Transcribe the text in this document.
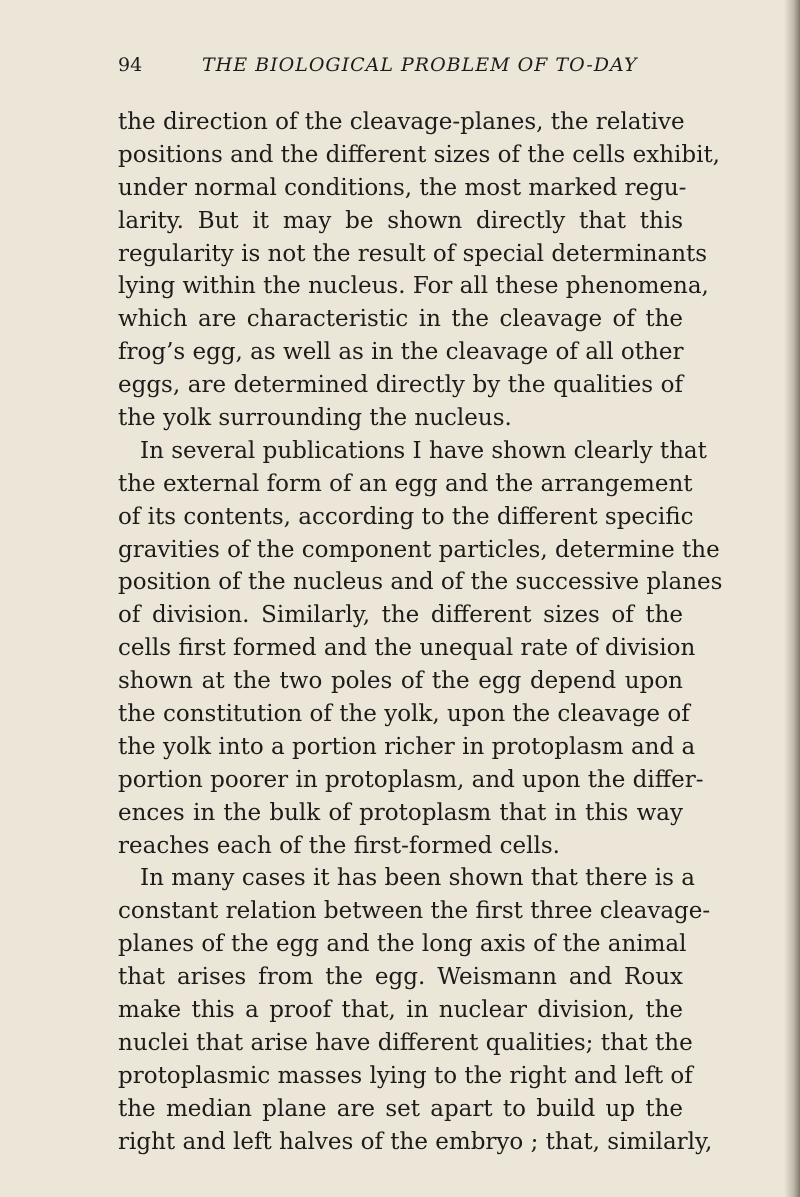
94	THE BIOLOGICAL PROBLEM OF TO-DAY
the direction of the cleavage-planes, the relative
positions and the different sizes of the cells exhibit,
under normal conditions, the most marked regu-
larity. But it may be shown directly that this
regularity is not the result of special determinants
lying within the nucleus. For all these phenomena,
which are characteristic in the cleavage of the
frog’s egg, as well as in the cleavage of all other
eggs, are determined directly by the qualities of
the yolk surrounding the nucleus.
In several publications I have shown clearly that
the external form of an egg and the arrangement
of its contents, according to the different specific
gravities of the component particles, determine the
position of the nucleus and of the successive planes
of division. Similarly, the different sizes of the
cells first formed and the unequal rate of division
shown at the two poles of the egg depend upon
the constitution of the yolk, upon the cleavage of
the yolk into a portion richer in protoplasm and a
portion poorer in protoplasm, and upon the differ-
ences in the bulk of protoplasm that in this way
reaches each of the first-formed cells.
In many cases it has been shown that there is a
constant relation between the first three cleavage-
planes of the egg and the long axis of the animal
that arises from the egg. Weismann and Roux
make this a proof that, in nuclear division, the
nuclei that arise have different qualities; that the
protoplasmic masses lying to the right and left of
the median plane are set apart to build up the
right and left halves of the embryo ; that, similarly,
